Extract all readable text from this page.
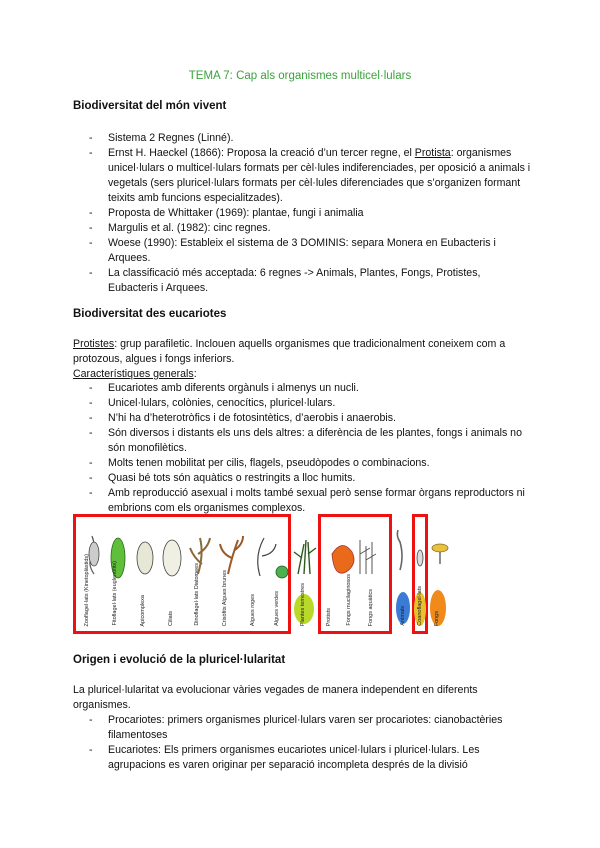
TEMA 7: Cap als organismes multicel·lulars
Biodiversitat del món vivent
- Sistema 2 Regnes (Linné).
- Ernst H. Haeckel (1866): Proposa la creació d’un tercer regne, el Protista: organismes unicel·lulars o multicel·lulars formats per cèl·lules indiferenciades, per oposició a animals i vegetals (sers pluricel·lulars formats per cèl·lules diferenciades que s’organizen formant teixits amb funcions especialitzades).
- Proposta de Whittaker (1969): plantae, fungi i animalia
- Margulis et al. (1982): cinc regnes.
- Woese (1990): Estableix el sistema de 3 DOMINIS: separa Monera en Eubacteris i Arquees.
- La classificació més acceptada: 6 regnes -> Animals, Plantes, Fongs, Protistes, Eubacteris i Arquees.
Biodiversitat des eucariotes

Protistes: grup parafiletic. Inclouen aquells organismes que tradicionalment coneixem com a protozous, algues i fongs inferiors.

Característiques generals:

- Eucariotes amb diferents orgànuls i almenys un nucli.
- Unicel·lulars, colònies, cenocítics, pluricel·lulars.
- N’hi ha d’heterotròfics i de fotosintètics, d’aerobis i anaerobis.
- Són diversos i distants els uns dels altres: a diferència de les plantes, fongs i animals no són monofilètics.
- Molts tenen mobilitat per cilis, flagels, pseudòpodes o combinacions.
- Quasi bé tots són aquàtics o restringits a lloc humits.
- Amb reproducció asexual i molts també sexual però sense formar òrgans reproductors ni embrions com els organismes complexos.
Zooflagel·lats (Kinetoplàstids)	Fitoflagel·lats (euglenòfits)	Apicomplexa	Ciliats	Dinoflagel·lats Diatomees	Crisòfits Algues brunes	Algues roges	Algues verdes	Plantes terrestres	Protists	Fongs mucilaginosos	Fongs aquàtics	Animals Coanoflagel·lats Fongs
Origen i evolució de la pluricel·lularitat

La pluricel·lularitat va evolucionar vàries vegades de manera independent en diferents organismes.

- Procariotes: primers organismes pluricel·lulars varen ser procariotes: cianobactèries filamentoses
- Eucariotes: Els primers organismes eucariotes unicel·lulars i pluricel·lulars. Les agrupacions es varen originar per separació incompleta després de la divisió
